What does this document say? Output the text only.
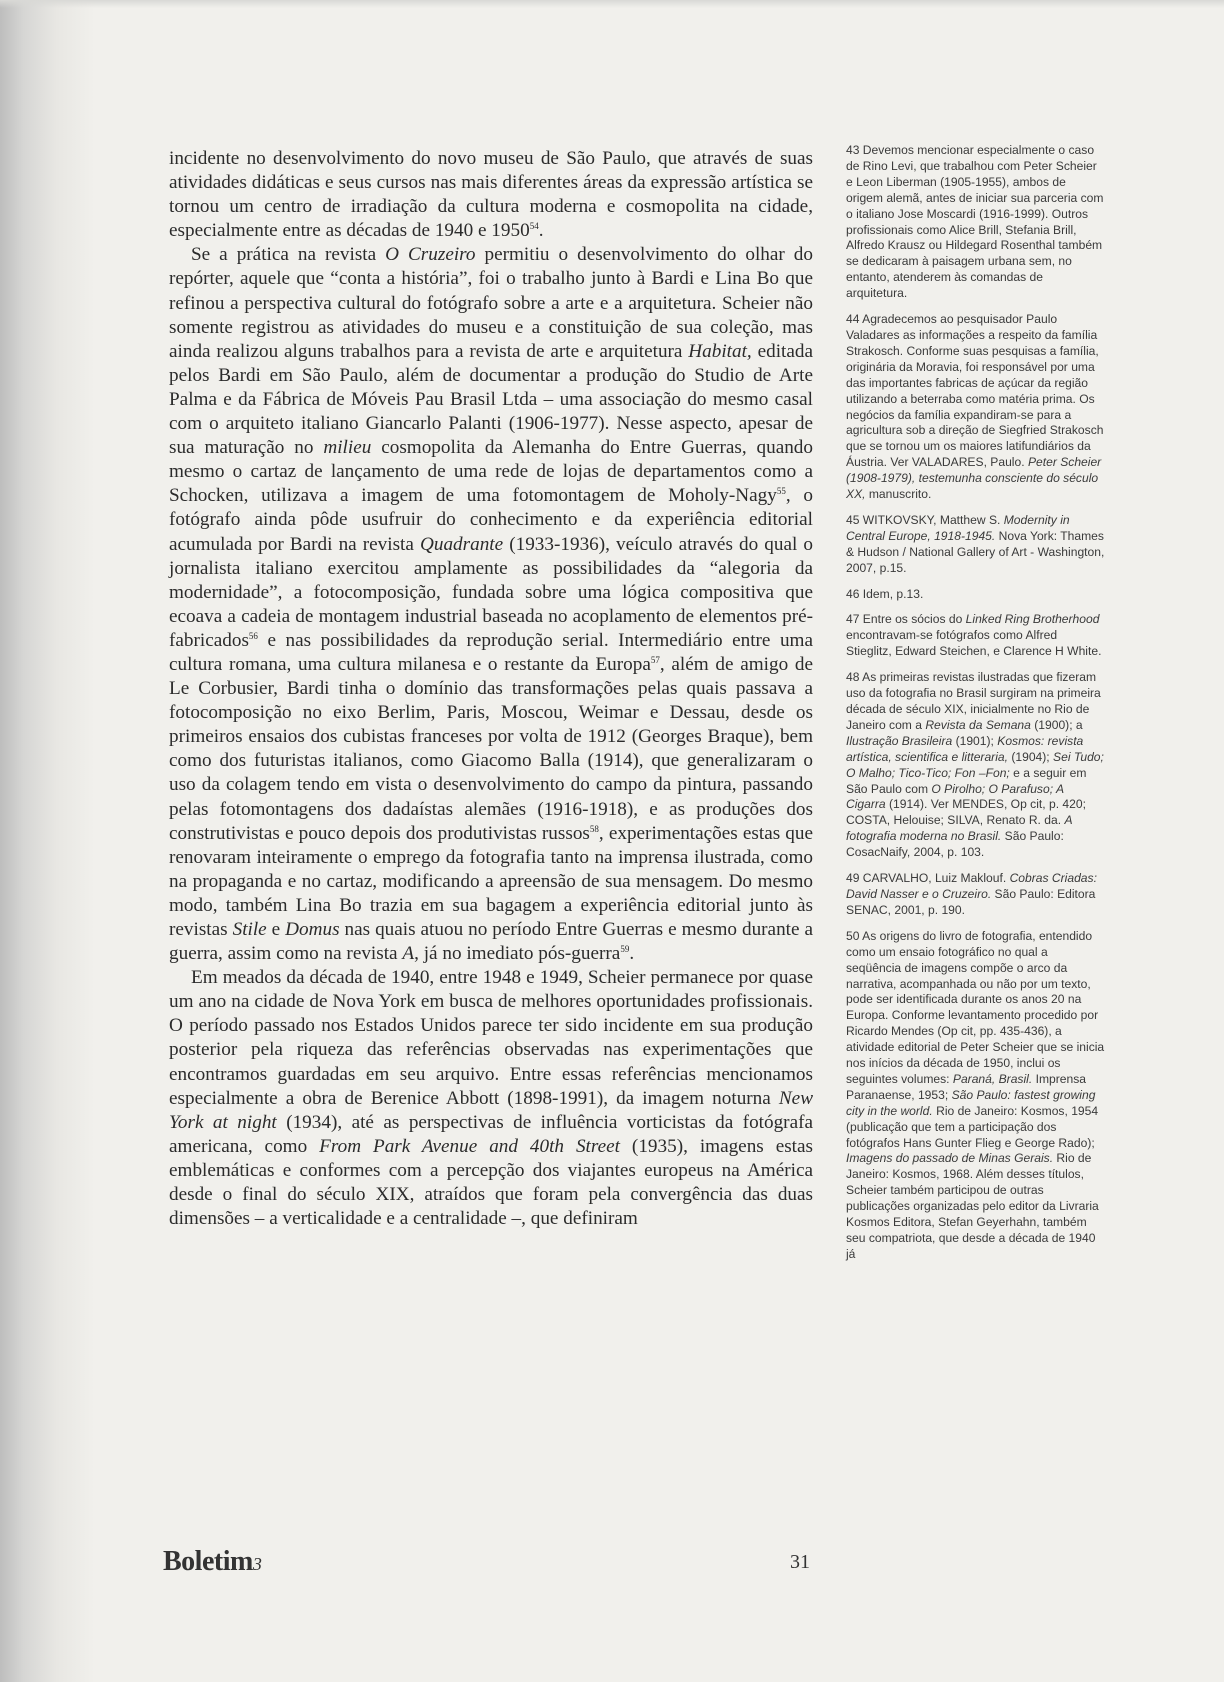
incidente no desenvolvimento do novo museu de São Paulo, que através de suas atividades didáticas e seus cursos nas mais diferentes áreas da expressão artística se tornou um centro de irradiação da cultura moderna e cosmopolita na cidade, especialmente entre as décadas de 1940 e 1950$^{54}$.

Se a prática na revista O Cruzeiro permitiu o desenvolvimento do olhar do repórter, aquele que “conta a história”, foi o trabalho junto à Bardi e Lina Bo que refinou a perspectiva cultural do fotógrafo sobre a arte e a arquitetura. Scheier não somente registrou as atividades do museu e a constituição de sua coleção, mas ainda realizou alguns trabalhos para a revista de arte e arquitetura Habitat, editada pelos Bardi em São Paulo, além de documentar a produção do Studio de Arte Palma e da Fábrica de Móveis Pau Brasil Ltda – uma associação do mesmo casal com o arquiteto italiano Giancarlo Palanti (1906-1977). Nesse aspecto, apesar de sua maturação no milieu cosmopolita da Alemanha do Entre Guerras, quando mesmo o cartaz de lançamento de uma rede de lojas de departamentos como a Schocken, utilizava a imagem de uma fotomontagem de Moholy-Nagy$^{55}$, o fotógrafo ainda pôde usufruir do conhecimento e da experiência editorial acumulada por Bardi na revista Quadrante (1933-1936), veículo através do qual o jornalista italiano exercitou amplamente as possibilidades da “alegoria da modernidade”, a fotocomposição, fundada sobre uma lógica compositiva que ecoava a cadeia de montagem industrial baseada no acoplamento de elementos pré-fabricados$^{56}$ e nas possibilidades da reprodução serial. Intermediário entre uma cultura romana, uma cultura milanesa e o restante da Europa$^{57}$, além de amigo de Le Corbusier, Bardi tinha o domínio das transformações pelas quais passava a fotocomposição no eixo Berlim, Paris, Moscou, Weimar e Dessau, desde os primeiros ensaios dos cubistas franceses por volta de 1912 (Georges Braque), bem como dos futuristas italianos, como Giacomo Balla (1914), que generalizaram o uso da colagem tendo em vista o desenvolvimento do campo da pintura, passando pelas fotomontagens dos dadaístas alemães (1916-1918), e as produções dos construtivistas e pouco depois dos produtivistas russos$^{58}$, experimentações estas que renovaram inteiramente o emprego da fotografia tanto na imprensa ilustrada, como na propaganda e no cartaz, modificando a apreensão de sua mensagem. Do mesmo modo, também Lina Bo trazia em sua bagagem a experiência editorial junto às revistas Stile e Domus nas quais atuou no período Entre Guerras e mesmo durante a guerra, assim como na revista A, já no imediato pós-guerra$^{59}$.

Em meados da década de 1940, entre 1948 e 1949, Scheier permanece por quase um ano na cidade de Nova York em busca de melhores oportunidades profissionais. O período passado nos Estados Unidos parece ter sido incidente em sua produção posterior pela riqueza das referências observadas nas experimentações que encontramos guardadas em seu arquivo. Entre essas referências mencionamos especialmente a obra de Berenice Abbott (1898-1991), da imagem noturna New York at night (1934), até as perspectivas de influência vorticistas da fotógrafa americana, como From Park Avenue and 40th Street (1935), imagens estas emblemáticas e conformes com a percepção dos viajantes europeus na América desde o final do século XIX, atraídos que foram pela convergência das duas dimensões – a verticalidade e a centralidade –, que definiram

43 Devemos mencionar especialmente o caso de Rino Levi, que trabalhou com Peter Scheier e Leon Liberman (1905-1955), ambos de origem alemã, antes de iniciar sua parceria com o italiano Jose Moscardi (1916-1999). Outros profissionais como Alice Brill, Stefania Brill, Alfredo Krausz ou Hildegard Rosenthal também se dedicaram à paisagem urbana sem, no entanto, atenderem às comandas de arquitetura.

44 Agradecemos ao pesquisador Paulo Valadares as informações a respeito da família Strakosch. Conforme suas pesquisas a família, originária da Moravia, foi responsável por uma das importantes fabricas de açúcar da região utilizando a beterraba como matéria prima. Os negócios da família expandiram-se para a agricultura sob a direção de Siegfried Strakosch que se tornou um os maiores latifundiários da Áustria. Ver VALADARES, Paulo. Peter Scheier (1908-1979), testemunha consciente do século XX, manuscrito.

45 WITKOVSKY, Matthew S. Modernity in Central Europe, 1918-1945. Nova York: Thames & Hudson / National Gallery of Art - Washington, 2007, p.15.

46 Idem, p.13.

47 Entre os sócios do Linked Ring Brotherhood encontravam-se fotógrafos como Alfred Stieglitz, Edward Steichen, e Clarence H White.

48 As primeiras revistas ilustradas que fizeram uso da fotografia no Brasil surgiram na primeira década de século XIX, inicialmente no Rio de Janeiro com a Revista da Semana (1900); a Ilustração Brasileira (1901); Kosmos: revista artística, scientifica e litteraria, (1904); Sei Tudo; O Malho; Tico-Tico; Fon –Fon; e a seguir em São Paulo com O Pirolho; O Parafuso; A Cigarra (1914). Ver MENDES, Op cit, p. 420; COSTA, Helouise; SILVA, Renato R. da. A fotografia moderna no Brasil. São Paulo: CosacNaify, 2004, p. 103.

49 CARVALHO, Luiz Maklouf. Cobras Criadas: David Nasser e o Cruzeiro. São Paulo: Editora SENAC, 2001, p. 190.

50 As origens do livro de fotografia, entendido como um ensaio fotográfico no qual a seqüência de imagens compõe o arco da narrativa, acompanhada ou não por um texto, pode ser identificada durante os anos 20 na Europa. Conforme levantamento procedido por Ricardo Mendes (Op cit, pp. 435-436), a atividade editorial de Peter Scheier que se inicia nos inícios da década de 1950, inclui os seguintes volumes: Paraná, Brasil. Imprensa Paranaense, 1953; São Paulo: fastest growing city in the world. Rio de Janeiro: Kosmos, 1954 (publicação que tem a participação dos fotógrafos Hans Gunter Flieg e George Rado); Imagens do passado de Minas Gerais. Rio de Janeiro: Kosmos, 1968. Além desses títulos, Scheier também participou de outras publicações organizadas pelo editor da Livraria Kosmos Editora, Stefan Geyerhahn, também seu compatriota, que desde a década de 1940 já

Boletim3	31
